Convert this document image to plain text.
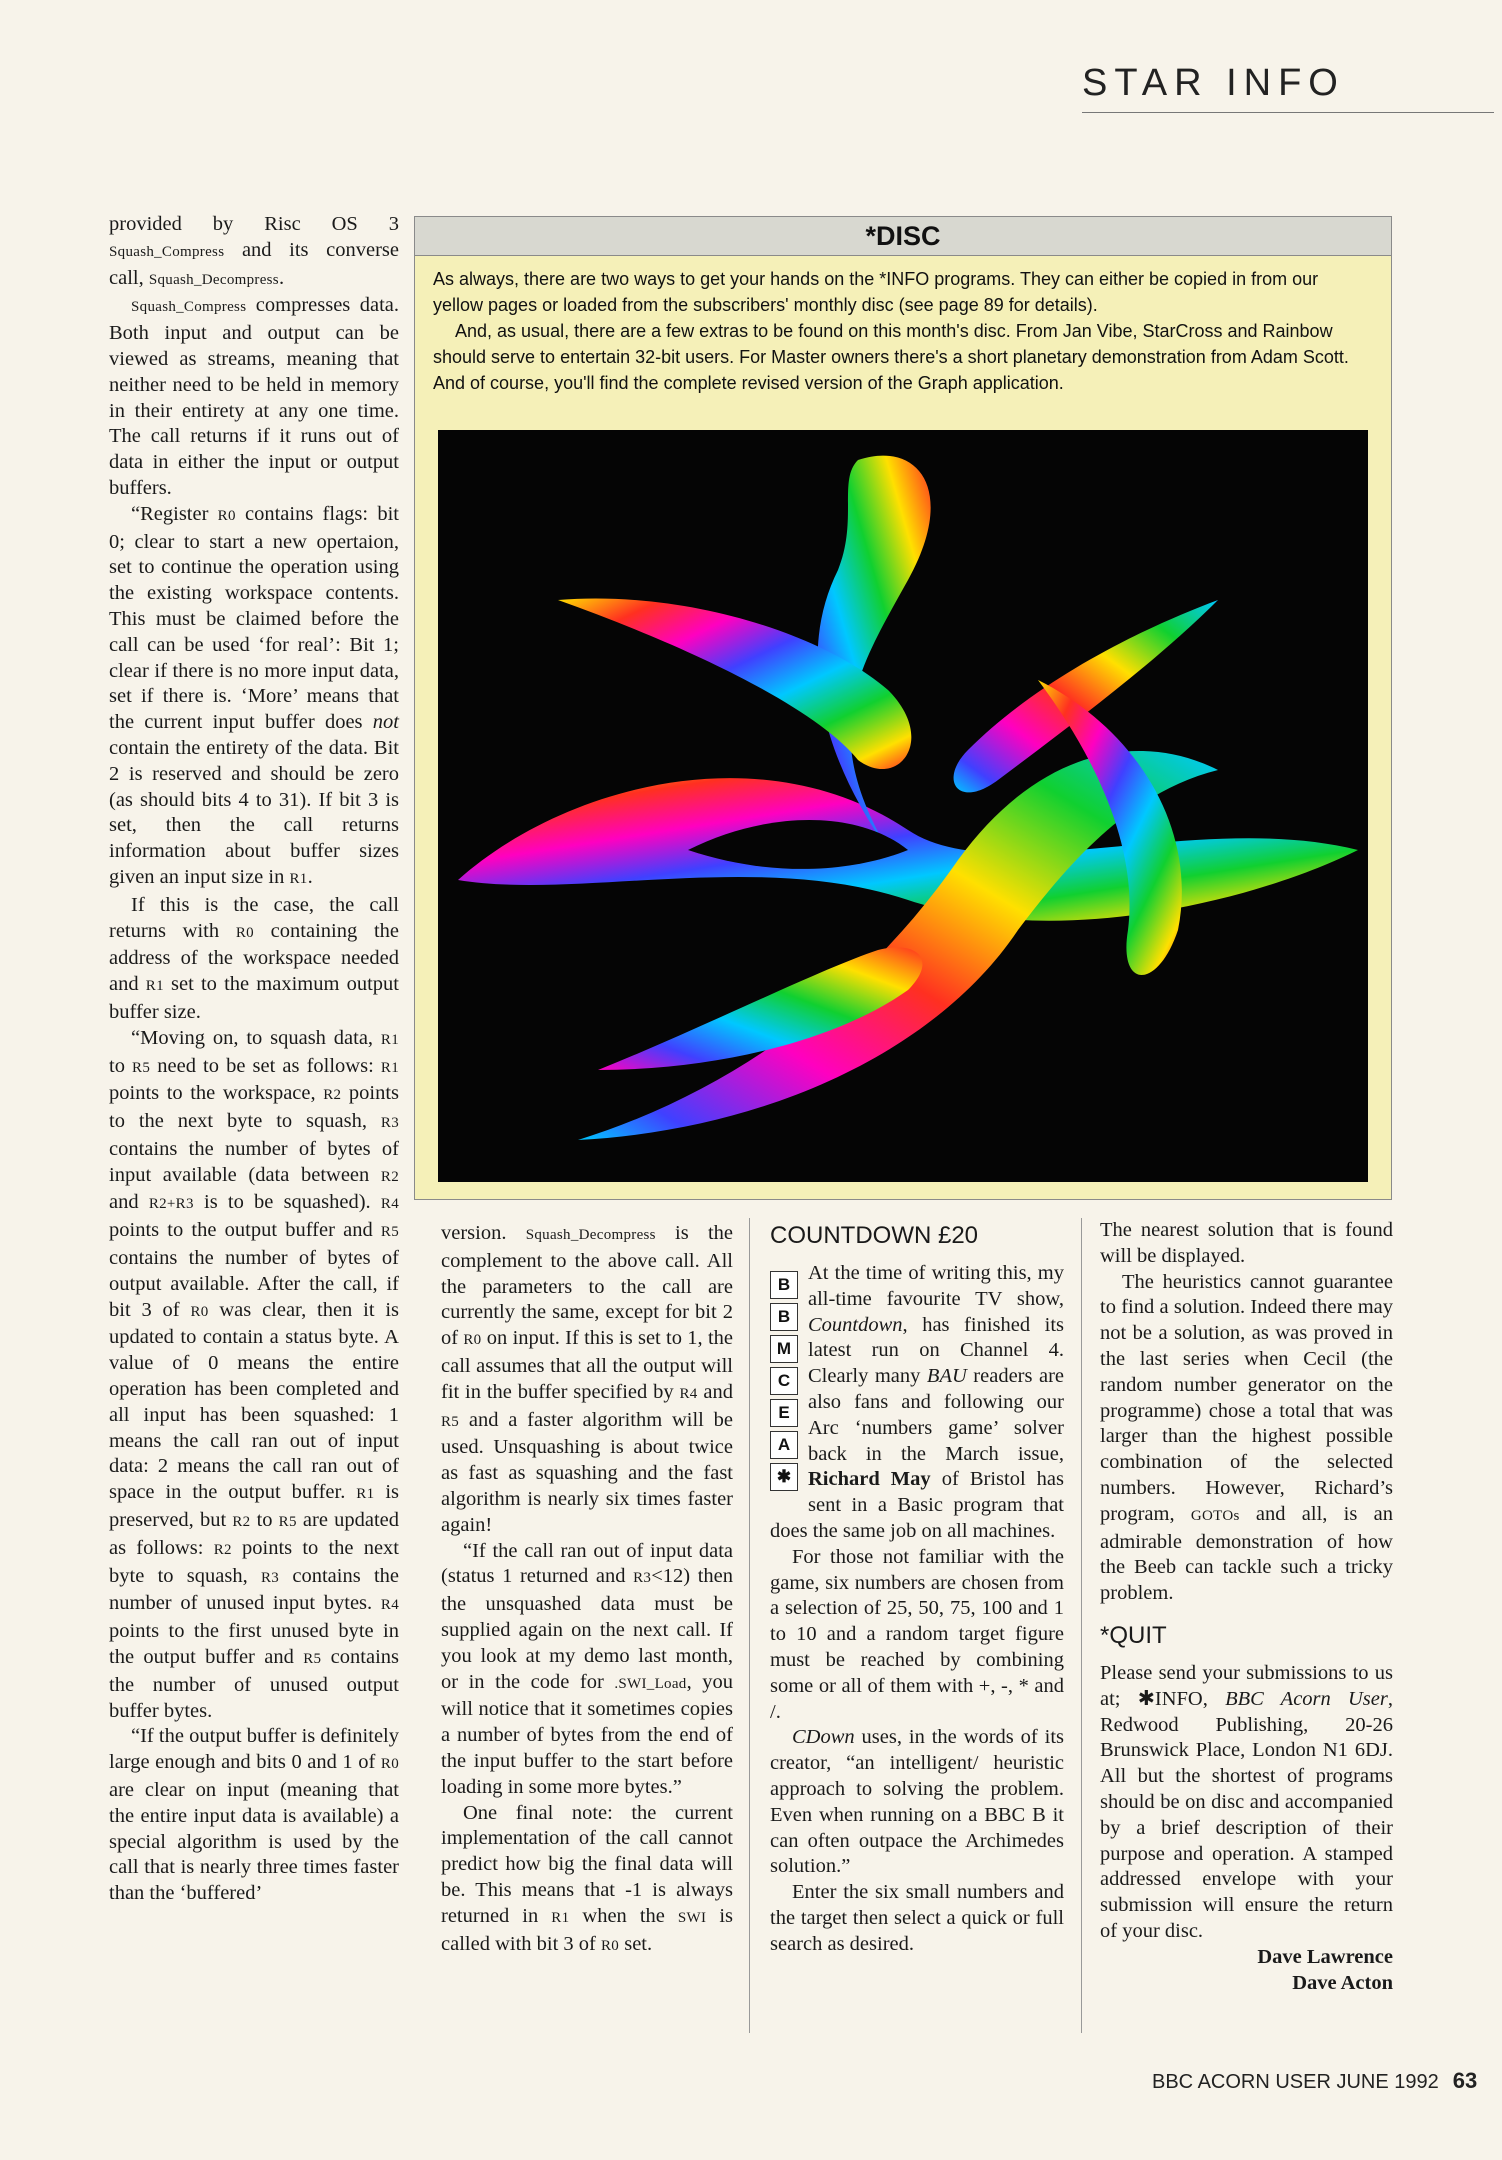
STAR INFO

provided by Risc OS 3 Squash_Compress and its converse call, Squash_Decompress.

Squash_Compress compresses data. Both input and output can be viewed as streams, meaning that neither need to be held in memory in their entirety at any one time. The call returns if it runs out of data in either the input or output buffers.

“Register R0 contains flags: bit 0; clear to start a new opertaion, set to continue the operation using the existing workspace contents. This must be claimed before the call can be used ‘for real’: Bit 1; clear if there is no more input data, set if there is. ‘More’ means that the current input buffer does not contain the entirety of the data. Bit 2 is reserved and should be zero (as should bits 4 to 31). If bit 3 is set, then the call returns information about buffer sizes given an input size in R1.

If this is the case, the call returns with R0 containing the address of the workspace needed and R1 set to the maximum output buffer size.

“Moving on, to squash data, R1 to R5 need to be set as follows: R1 points to the workspace, R2 points to the next byte to squash, R3 contains the number of bytes of input available (data between R2 and R2+R3 is to be squashed). R4 points to the output buffer and R5 contains the number of bytes of output available. After the call, if bit 3 of R0 was clear, then it is updated to contain a status byte. A value of 0 means the entire operation has been completed and all input has been squashed: 1 means the call ran out of input data: 2 means the call ran out of space in the output buffer. R1 is preserved, but R2 to R5 are updated as follows: R2 points to the next byte to squash, R3 contains the number of unused input bytes. R4 points to the first unused byte in the output buffer and R5 contains the number of unused output buffer bytes.

“If the output buffer is definitely large enough and bits 0 and 1 of R0 are clear on input (meaning that the entire input data is available) a special algorithm is used by the call that is nearly three times faster than the ‘buffered’

*DISC

As always, there are two ways to get your hands on the *INFO programs. They can either be copied in from our yellow pages or loaded from the subscribers' monthly disc (see page 89 for details).

And, as usual, there are a few extras to be found on this month's disc. From Jan Vibe, StarCross and Rainbow should serve to entertain 32-bit users. For Master owners there's a short planetary demonstration from Adam Scott. And of course, you'll find the complete revised version of the Graph application.

version. Squash_Decompress is the complement to the above call. All the parameters to the call are currently the same, except for bit 2 of R0 on input. If this is set to 1, the call assumes that all the output will fit in the buffer specified by R4 and R5 and a faster algorithm will be used. Unsquashing is about twice as fast as squashing and the fast algorithm is nearly six times faster again!

“If the call ran out of input data (status 1 returned and R3<12) then the unsquashed data must be supplied again on the next call. If you look at my demo last month, or in the code for .SWI_Load, you will notice that it sometimes copies a number of bytes from the end of the input buffer to the start before loading in some more bytes.”

One final note: the current implementation of the call cannot predict how big the final data will be. This means that -1 is always returned in R1 when the SWI is called with bit 3 of R0 set.

COUNTDOWN £20
B
B
M
C
E
A
✱

At the time of writing this, my all-time favourite TV show, Countdown, has finished its latest run on Channel 4. Clearly many BAU readers are also fans and following our Arc ‘numbers game’ solver back in the March issue, Richard May of Bristol has sent in a Basic program that does the same job on all machines.

For those not familiar with the game, six numbers are chosen from a selection of 25, 50, 75, 100 and 1 to 10 and a random target figure must be reached by combining some or all of them with +, -, * and /.

CDown uses, in the words of its creator, “an intelligent/ heuristic approach to solving the problem. Even when running on a BBC B it can often outpace the Archimedes solution.”

Enter the six small numbers and the target then select a quick or full search as desired.

The nearest solution that is found will be displayed.

The heuristics cannot guarantee to find a solution. Indeed there may not be a solution, as was proved in the last series when Cecil (the random number generator on the programme) chose a total that was larger than the highest possible combination of the selected numbers. However, Richard’s program, GOTOs and all, is an admirable demonstration of how the Beeb can tackle such a tricky problem.

*QUIT

Please send your submissions to us at; ✱INFO, BBC Acorn User, Redwood Publishing, 20-26 Brunswick Place, London N1 6DJ. All but the shortest of programs should be on disc and accompanied by a brief description of their purpose and operation. A stamped addressed envelope with your submission will ensure the return of your disc.

Dave Lawrence

Dave Acton

BBC ACORN USER JUNE 1992 63
